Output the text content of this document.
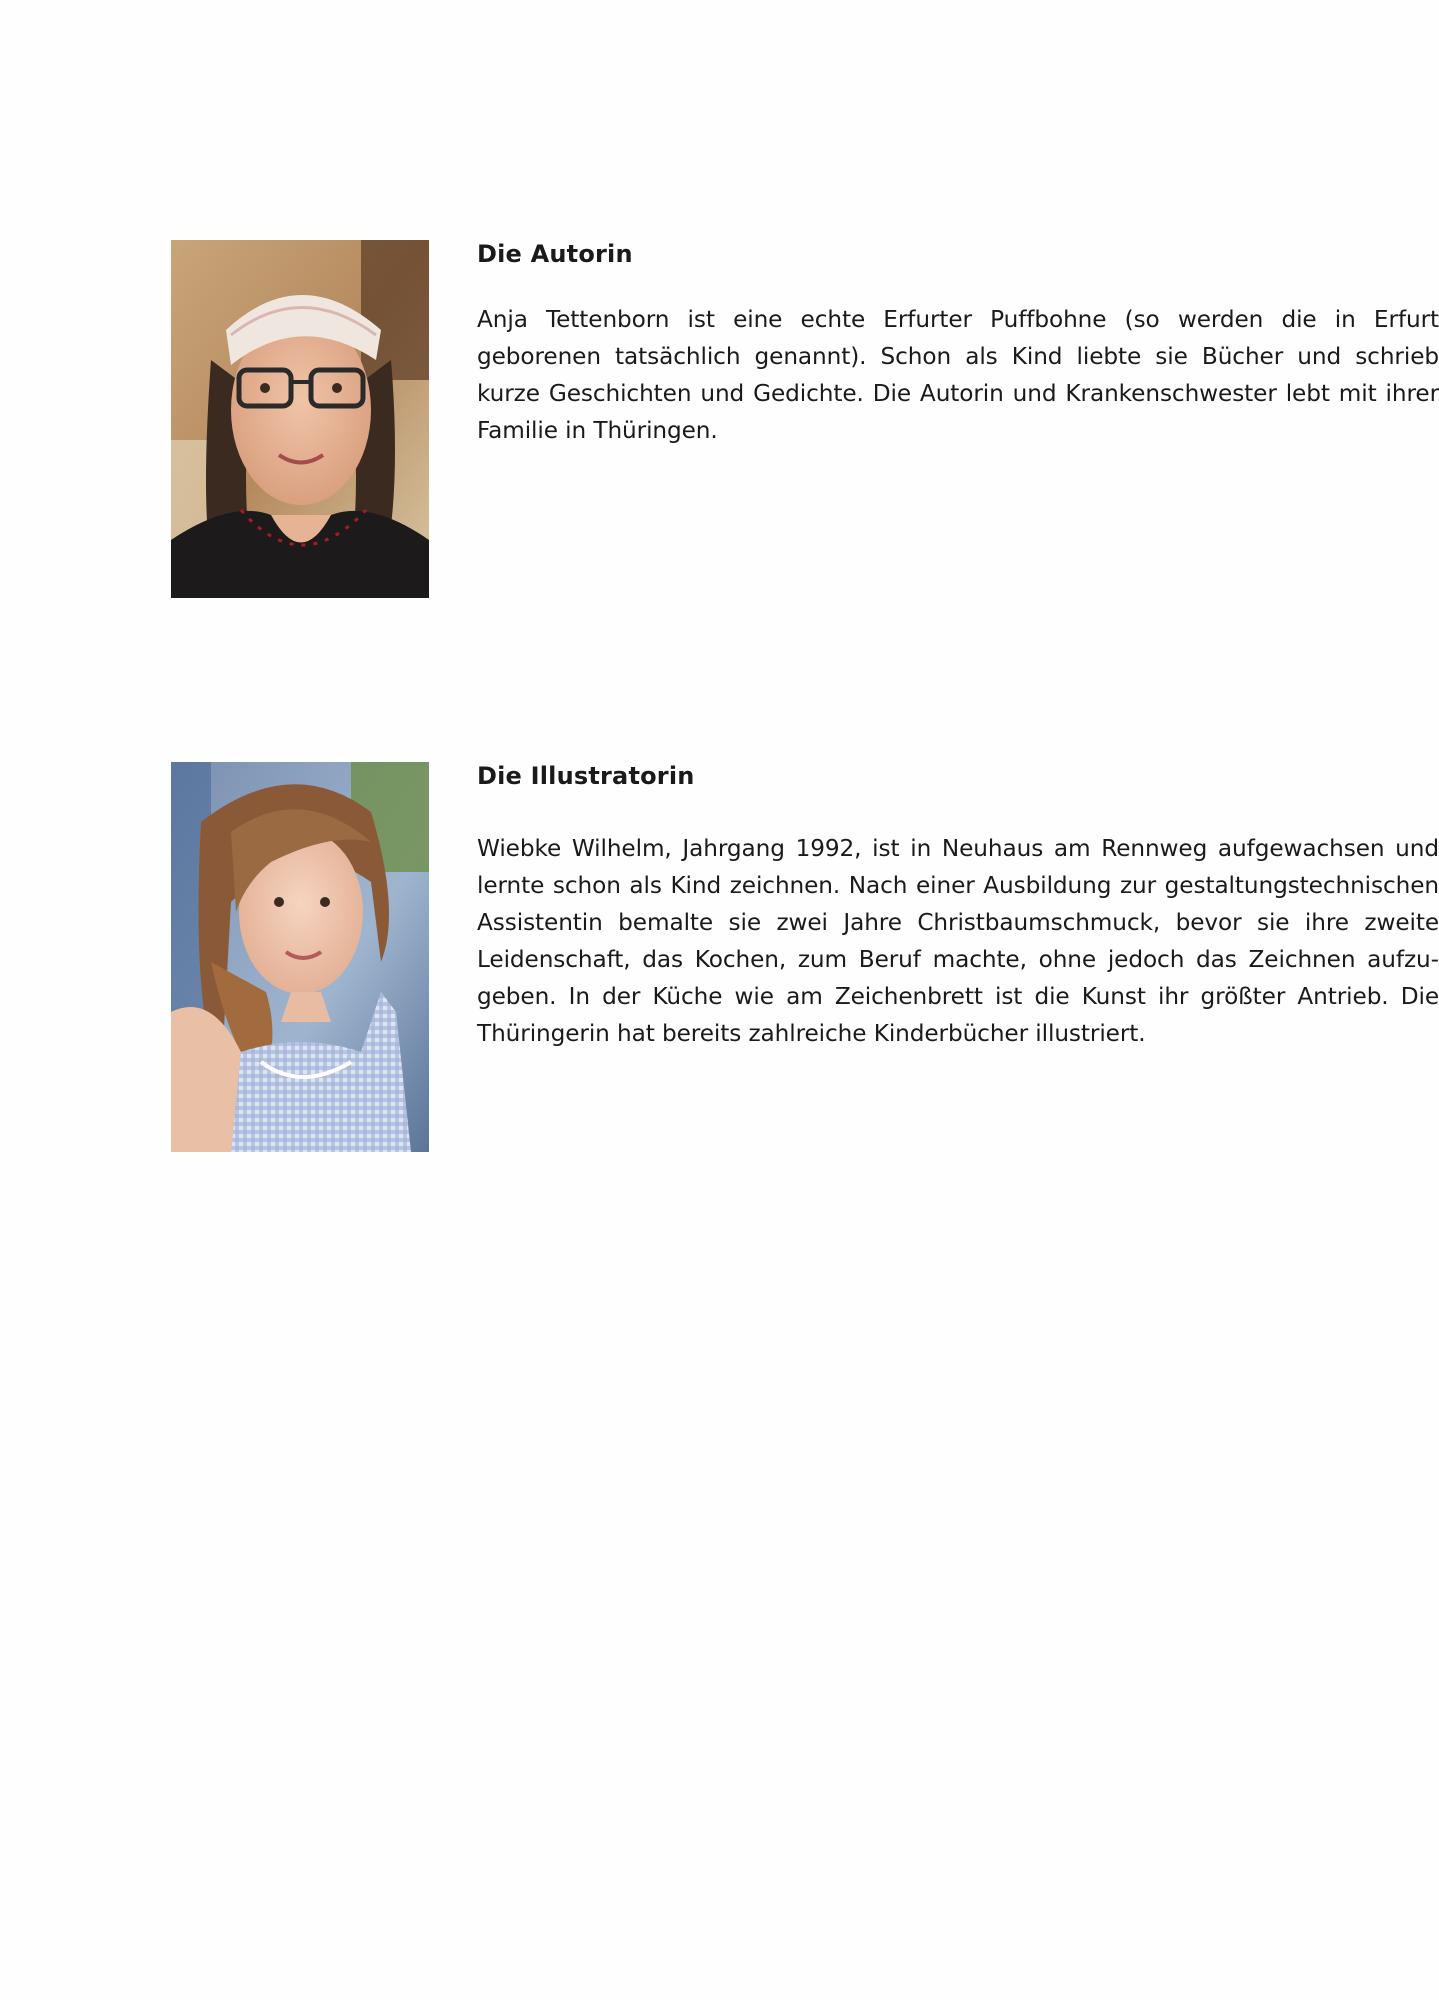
Die Autorin

Anja Tettenborn ist eine echte Erfurter Puffbohne (so werden die in Erfurt geborenen tatsächlich genannt). Schon als Kind liebte sie Bücher und schrieb kurze Geschichten und Gedichte. Die Autorin und Krankenschwester lebt mit ihrer Familie in Thüringen.

Die Illustratorin

Wiebke Wilhelm, Jahrgang 1992, ist in Neuhaus am Rennweg aufgewachsen und lernte schon als Kind zeichnen. Nach einer Ausbildung zur gestaltungstechnischen Assistentin bemalte sie zwei Jahre Christbaumschmuck, bevor sie ihre zweite Leidenschaft, das Kochen, zum Beruf machte, ohne jedoch das Zeichnen aufzugeben. In der Küche wie am Zeichenbrett ist die Kunst ihr größter Antrieb. Die Thüringerin hat bereits zahlreiche Kinderbücher illustriert.
